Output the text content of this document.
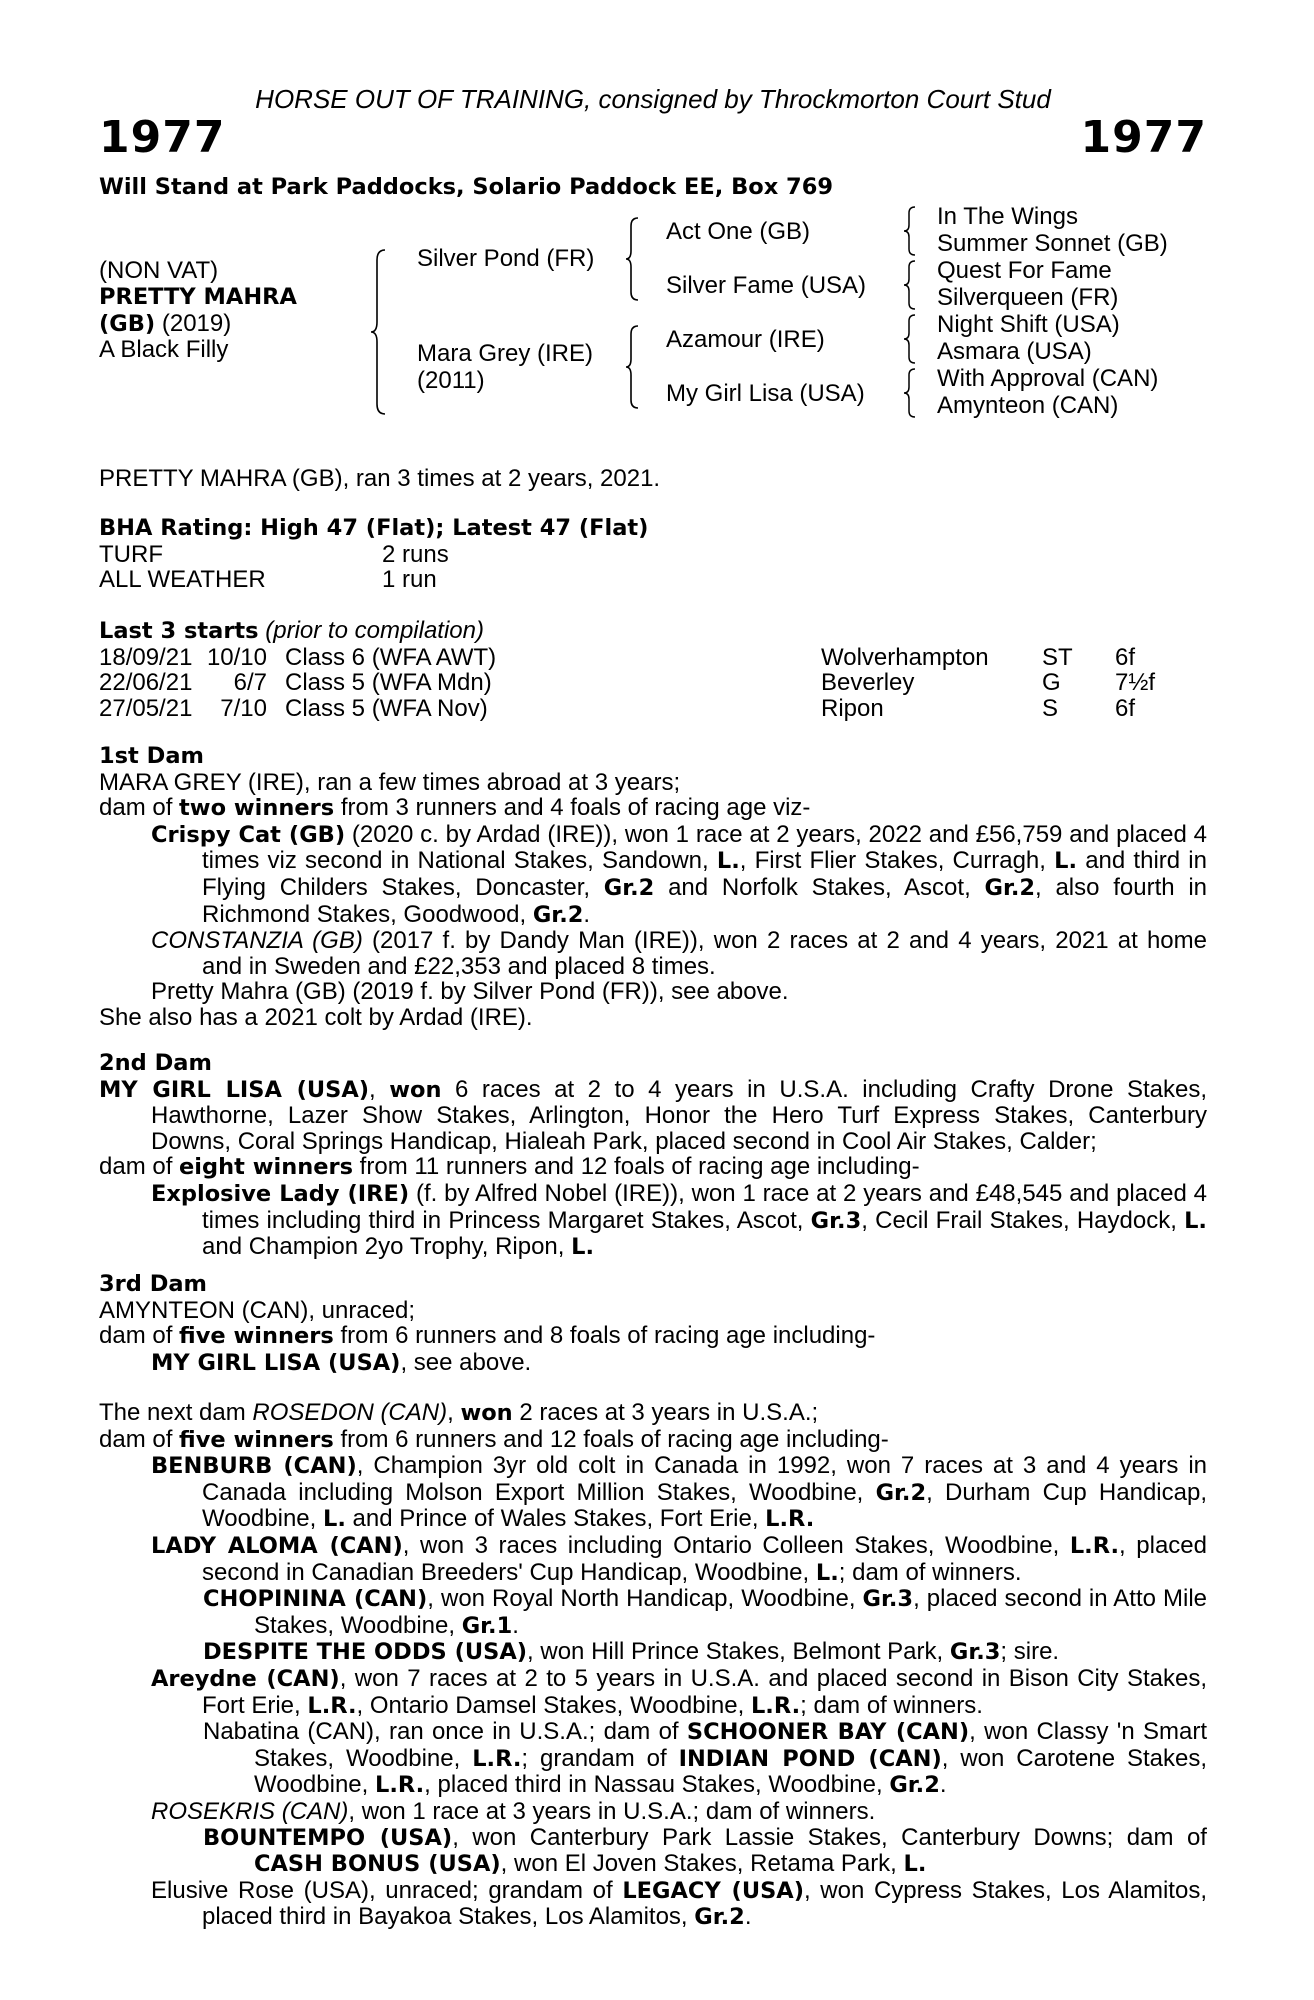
HORSE OUT OF TRAINING, consigned by Throckmorton Court Stud
1977	1977
Will Stand at Park Paddocks, Solario Paddock EE, Box 769
(NON VAT)
PRETTY MAHRA
(GB) (2019)
A Black Filly
Silver Pond (FR)
Mara Grey (IRE)
(2011)
Act One (GB)
Silver Fame (USA)
Azamour (IRE)
My Girl Lisa (USA)
In The Wings
Summer Sonnet (GB)
Quest For Fame
Silverqueen (FR)
Night Shift (USA)
Asmara (USA)
With Approval (CAN)
Amynteon (CAN)
PRETTY MAHRA (GB), ran 3 times at 2 years, 2021.

BHA Rating: High 47 (Flat); Latest 47 (Flat)

TURF	2 runs
ALL WEATHER	1 run

Last 3 starts (prior to compilation)

18/09/21 10/10 Class 6 (WFA AWT)	Wolverhampton ST 6f
22/06/21	6/7 Class 5 (WFA Mdn)	Beverley	G 7½f
27/05/21	7/10 Class 5 (WFA Nov)	Ripon	S 6f

1st Dam

MARA GREY (IRE), ran a few times abroad at 3 years;

dam of two winners from 3 runners and 4 foals of racing age viz-

Crispy Cat (GB) (2020 c. by Ardad (IRE)), won 1 race at 2 years, 2022 and £56,759 and placed 4 times viz second in National Stakes, Sandown, L., First Flier Stakes, Curragh, L. and third in Flying Childers Stakes, Doncaster, Gr.2 and Norfolk Stakes, Ascot, Gr.2, also fourth in Richmond Stakes, Goodwood, Gr.2.

CONSTANZIA (GB) (2017 f. by Dandy Man (IRE)), won 2 races at 2 and 4 years, 2021 at home and in Sweden and £22,353 and placed 8 times.

Pretty Mahra (GB) (2019 f. by Silver Pond (FR)), see above.

She also has a 2021 colt by Ardad (IRE).

2nd Dam

MY GIRL LISA (USA), won 6 races at 2 to 4 years in U.S.A. including Crafty Drone Stakes, Hawthorne, Lazer Show Stakes, Arlington, Honor the Hero Turf Express Stakes, Canterbury Downs, Coral Springs Handicap, Hialeah Park, placed second in Cool Air Stakes, Calder;

dam of eight winners from 11 runners and 12 foals of racing age including-

Explosive Lady (IRE) (f. by Alfred Nobel (IRE)), won 1 race at 2 years and £48,545 and placed 4 times including third in Princess Margaret Stakes, Ascot, Gr.3, Cecil Frail Stakes, Haydock, L. and Champion 2yo Trophy, Ripon, L.

3rd Dam

AMYNTEON (CAN), unraced;

dam of five winners from 6 runners and 8 foals of racing age including-

MY GIRL LISA (USA), see above.

The next dam ROSEDON (CAN), won 2 races at 3 years in U.S.A.;

dam of five winners from 6 runners and 12 foals of racing age including-

BENBURB (CAN), Champion 3yr old colt in Canada in 1992, won 7 races at 3 and 4 years in Canada including Molson Export Million Stakes, Woodbine, Gr.2, Durham Cup Handicap, Woodbine, L. and Prince of Wales Stakes, Fort Erie, L.R.

LADY ALOMA (CAN), won 3 races including Ontario Colleen Stakes, Woodbine, L.R., placed second in Canadian Breeders' Cup Handicap, Woodbine, L.; dam of winners.

CHOPININA (CAN), won Royal North Handicap, Woodbine, Gr.3, placed second in Atto Mile Stakes, Woodbine, Gr.1.

DESPITE THE ODDS (USA), won Hill Prince Stakes, Belmont Park, Gr.3; sire.

Areydne (CAN), won 7 races at 2 to 5 years in U.S.A. and placed second in Bison City Stakes, Fort Erie, L.R., Ontario Damsel Stakes, Woodbine, L.R.; dam of winners.

Nabatina (CAN), ran once in U.S.A.; dam of SCHOONER BAY (CAN), won Classy 'n Smart Stakes, Woodbine, L.R.; grandam of INDIAN POND (CAN), won Carotene Stakes, Woodbine, L.R., placed third in Nassau Stakes, Woodbine, Gr.2.

ROSEKRIS (CAN), won 1 race at 3 years in U.S.A.; dam of winners.

BOUNTEMPO (USA), won Canterbury Park Lassie Stakes, Canterbury Downs; dam of CASH BONUS (USA), won El Joven Stakes, Retama Park, L.

Elusive Rose (USA), unraced; grandam of LEGACY (USA), won Cypress Stakes, Los Alamitos, placed third in Bayakoa Stakes, Los Alamitos, Gr.2.
